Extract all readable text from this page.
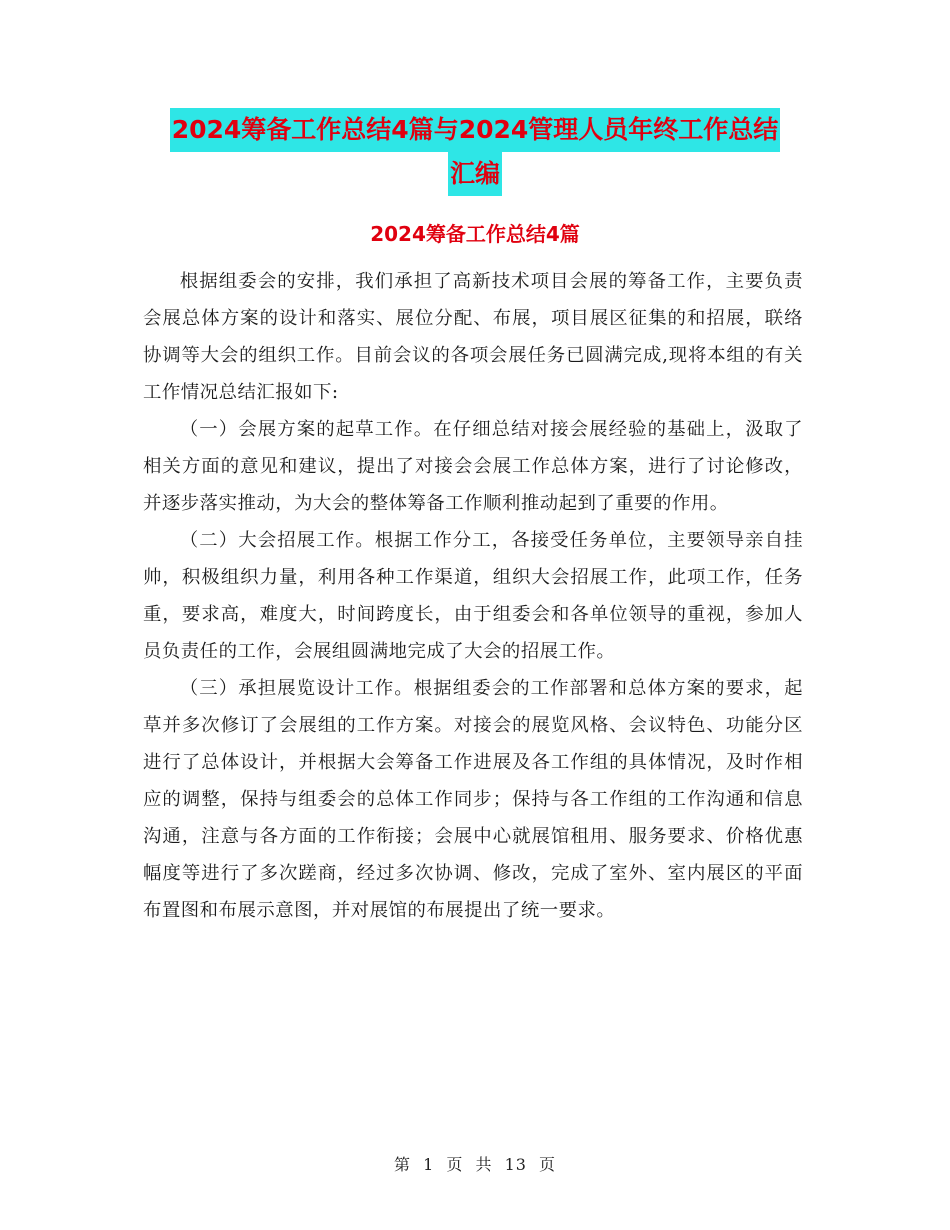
2024筹备工作总结4篇与2024管理人员年终工作总结
汇编
2024筹备工作总结4篇

根据组委会的安排，我们承担了高新技术项目会展的筹备工作，主要负责会展总体方案的设计和落实、展位分配、布展，项目展区征集的和招展，联络协调等大会的组织工作。目前会议的各项会展任务已圆满完成,现将本组的有关工作情况总结汇报如下:

（一）会展方案的起草工作。在仔细总结对接会展经验的基础上，汲取了相关方面的意见和建议，提出了对接会会展工作总体方案，进行了讨论修改，并逐步落实推动，为大会的整体筹备工作顺利推动起到了重要的作用。

（二）大会招展工作。根据工作分工，各接受任务单位，主要领导亲自挂帅，积极组织力量，利用各种工作渠道，组织大会招展工作，此项工作，任务重，要求高，难度大，时间跨度长，由于组委会和各单位领导的重视，参加人员负责任的工作，会展组圆满地完成了大会的招展工作。

（三）承担展览设计工作。根据组委会的工作部署和总体方案的要求，起草并多次修订了会展组的工作方案。对接会的展览风格、会议特色、功能分区进行了总体设计，并根据大会筹备工作进展及各工作组的具体情况，及时作相应的调整，保持与组委会的总体工作同步；保持与各工作组的工作沟通和信息沟通，注意与各方面的工作衔接；会展中心就展馆租用、服务要求、价格优惠幅度等进行了多次蹉商，经过多次协调、修改，完成了室外、室内展区的平面布置图和布展示意图，并对展馆的布展提出了统一要求。

第 1 页 共 13 页
